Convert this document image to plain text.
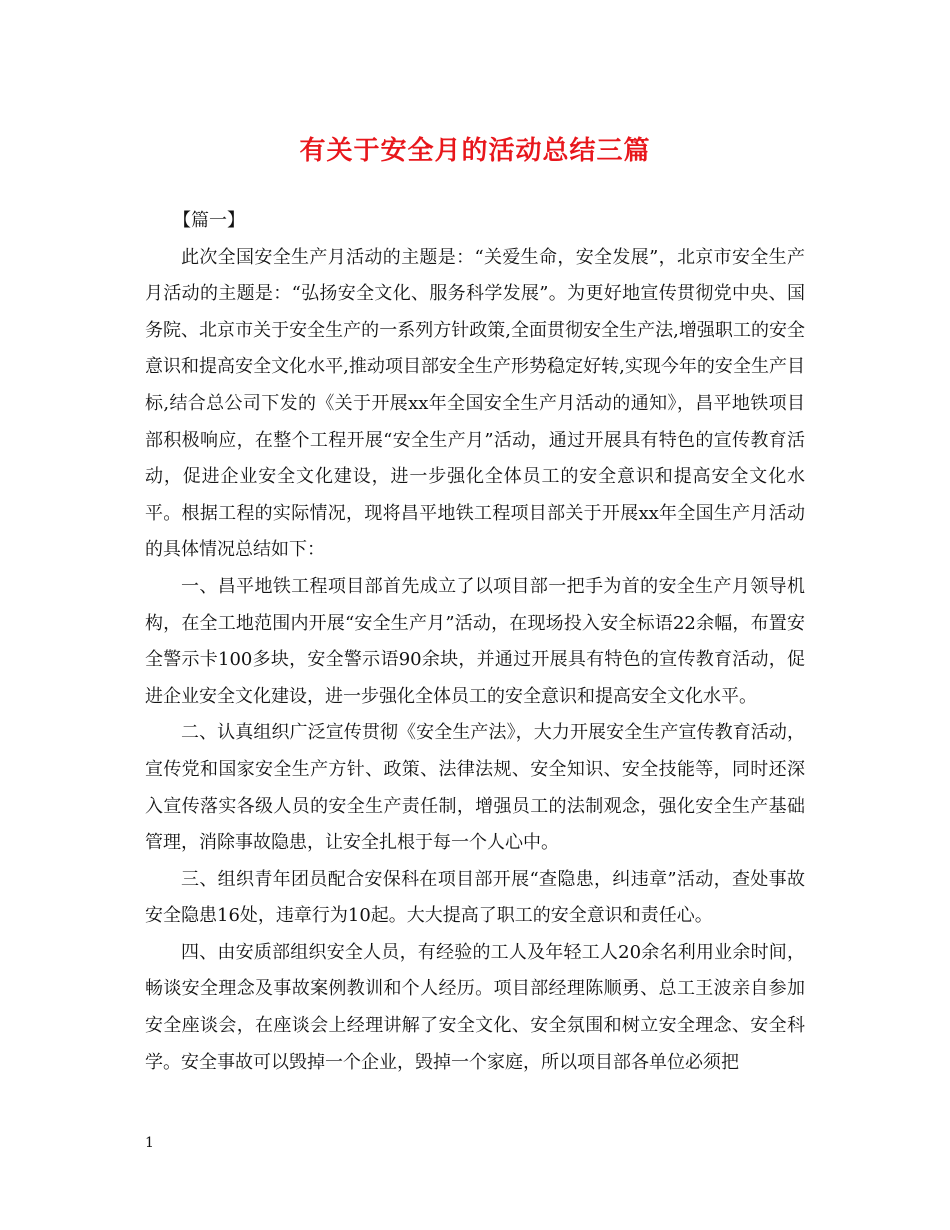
有关于安全月的活动总结三篇

【篇一】

此次全国安全生产月活动的主题是：“关爱生命，安全发展”，北京市安全生产月活动的主题是：“弘扬安全文化、服务科学发展”。为更好地宣传贯彻党中央、国务院、北京市关于安全生产的一系列方针政策,全面贯彻安全生产法,增强职工的安全意识和提高安全文化水平,推动项目部安全生产形势稳定好转,实现今年的安全生产目标,结合总公司下发的《关于开展xx年全国安全生产月活动的通知》，昌平地铁项目部积极响应，在整个工程开展“安全生产月”活动，通过开展具有特色的宣传教育活动，促进企业安全文化建设，进一步强化全体员工的安全意识和提高安全文化水平。根据工程的实际情况，现将昌平地铁工程项目部关于开展xx年全国生产月活动的具体情况总结如下：

一、昌平地铁工程项目部首先成立了以项目部一把手为首的安全生产月领导机构，在全工地范围内开展“安全生产月”活动，在现场投入安全标语22余幅，布置安全警示卡100多块，安全警示语90余块，并通过开展具有特色的宣传教育活动，促进企业安全文化建设，进一步强化全体员工的安全意识和提高安全文化水平。

二、认真组织广泛宣传贯彻《安全生产法》，大力开展安全生产宣传教育活动，宣传党和国家安全生产方针、政策、法律法规、安全知识、安全技能等，同时还深入宣传落实各级人员的安全生产责任制，增强员工的法制观念，强化安全生产基础管理，消除事故隐患，让安全扎根于每一个人心中。

三、组织青年团员配合安保科在项目部开展“查隐患，纠违章”活动，查处事故安全隐患16处，违章行为10起。大大提高了职工的安全意识和责任心。

四、由安质部组织安全人员，有经验的工人及年轻工人20余名利用业余时间，畅谈安全理念及事故案例教训和个人经历。项目部经理陈顺勇、总工王波亲自参加安全座谈会，在座谈会上经理讲解了安全文化、安全氛围和树立安全理念、安全科学。安全事故可以毁掉一个企业，毁掉一个家庭，所以项目部各单位必须把

1
